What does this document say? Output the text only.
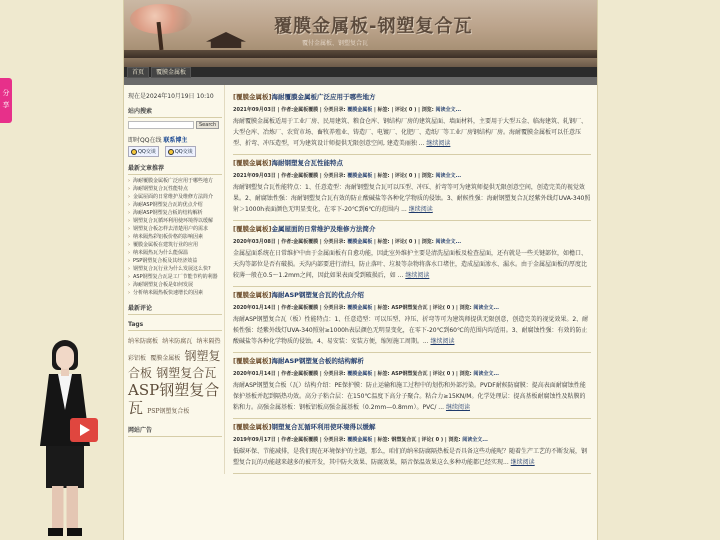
覆膜金属板-钢塑复合瓦
覆付金属板、钢塑复合瓦
首页	覆膜金属板
现在是2024年10月19日 10:10
站内搜索
Search
即时QQ在线 联系博主
QQ交谈	QQ交谈
最新文章推荐
› 海耐覆膜金属板广泛应用于哪些地方
› 海耐钢塑复合瓦性能特点
› 金属屋面的日常维护及维修方法简介
› 海耐ASP钢塑复合瓦的优点介绍
› 海耐ASP钢塑复合板的结构解析
› 钢塑复合瓦循环利用使环境得以缓解
› 钢塑复合板怎样去清楚用户的需求
› 纳米隔热彩铝板价格的影响因素
› 覆膜金属板在建筑行业的应用
› 纳米隔热瓦为什么能保温
› PSP钢塑复合板及其经济效益
› 钢塑复合瓦行业为什么发展这么快?
› ASP钢塑复合瓦是工厂节能节约的利器
› 海耐钢塑复合板是如何发展
› 分析纳米隔热板快速增长的因素
最新评论
Tags
纳米防腐板 纳米防腐瓦 纳米隔热彩铝板 覆膜金属板 钢塑复合板 钢塑复合瓦 ASP钢塑复合瓦 PSP钢塑复合板
网站广告
[覆膜金属板]海耐覆膜金属板广泛应用于哪些地方
2021年09月03日 | 作者:金属板覆膜 | 分类目录: 覆膜金属板 | 标签: | 评论( 0 ) | 浏览: 阅读全文...
海耐覆膜金属板适用于工业厂房、民用建筑、粮食仓库、钢结构厂房的建筑屋面、墙面材料，主要用于大型五金、临海建筑、轧钢厂、大型仓库、冶炼厂、农贸市场、畜牧养殖业、铸造厂、电镀厂、化肥厂、造纸厂等工业厂房钢结构厂房。海耐覆膜金属板可以任意压型、折弯、冲压造型，可为建筑设计师提供无限创意空间, 建造美丽独 ... 继续阅读
[覆膜金属板]海耐钢塑复合瓦性能特点
2021年09月03日 | 作者:金属板覆膜 | 分类目录: 覆膜金属板 | 标签: | 评论( 0 ) | 浏览: 阅读全文...
海耐钢塑复合瓦性能特点：1、任意造型：海耐钢塑复合瓦可以压型、冲压、折弯等可为建筑师提供无限创意空间，创造完美的视觉效果。2、耐腐蚀性强：海耐钢塑复合瓦有效的防止酸碱盐等各种化学物质的侵蚀。3、耐候性强：海耐钢塑复合瓦经紫外线灯UVA-340照射＞1000h表面颜色无明显变化，在零下-20℃到6℃的范围内 ... 继续阅读
[覆膜金属板]金属屋面的日常维护及维修方法简介
2020年03月08日 | 作者:金属板覆膜 | 分类目录: 覆膜金属板 | 标签: | 评论( 0 ) | 浏览: 阅读全文...
金属屋面系统在日常维护中由于金属面板有自愈功能，因此室外维护主要是清洗屋面板及检查屋面，还有就是一些关键部位，如檐口、天沟等部位是否有破损。天沟内部要进行清扫，防止落叶、垃圾等杂物将落水口堵住，造成屋面渗水、漏水。由于金属屋面板的厚度比较薄一般在0.5～1.2mm之间，因此如果表面受到破损后，如 ... 继续阅读
[覆膜金属板]海耐ASP钢塑复合瓦的优点介绍
2020年01月14日 | 作者:金属板覆膜 | 分类目录: 覆膜金属板 | 标签: ASP钢塑复合瓦 | 评论( 0 ) | 浏览: 阅读全文...
海耐ASP钢塑复合瓦（板）性能特点：1、任意造型：可以压型、冲压、折弯等可为建筑师提供无限创意，创造完美的视觉效果。2、耐候性强：经紫外线灯UVA-340照射≥1000h表层颜色无明显变化，在零下-20℃到60℃的范围内均适用。3、耐腐蚀性强：有效的防止酸碱盐等各种化学物质的侵蚀。4、易安装：安装方便，缩短施工周期。... 继续阅读
[覆膜金属板]海耐ASP钢塑复合板的结构解析
2020年01月14日 | 作者:金属板覆膜 | 分类目录: 覆膜金属板 | 标签: ASP钢塑复合瓦 | 评论( 0 ) | 浏览: 阅读全文...
海耐ASP钢塑复合板（瓦）结构介绍：PE保护膜：防止运输和施工过程中的划伤和外部污染。PVDF耐候防腐膜：提高表面耐腐蚀性能保护基板并起到隔热功效。高分子粘合层：在150℃温度下高分子聚合。粘合力≥15KN/M。化学处理层：提高基板耐腐蚀性及粘膜的粘和力。高强金属基板：钢板铝板高强金属基板（0.2mm—0.8mm）。PVC/ ... 继续阅读
[覆膜金属板]钢塑复合瓦循环利用使环境得以缓解
2019年09月17日 | 作者:金属板覆膜 | 分类目录: 覆膜金属板 | 标签: 钢塑复合瓦 | 评论( 0 ) | 浏览: 阅读全文...
低碳环保、节能减排，是我们现在环境保护的主题，那么，咱们的纳米防腐隔热板是否具备这些功能呢？随着生产工艺的不断发展，钢塑复合瓦的功能越来越多的被开发，其中防火效果、防腐效果，隔音保温效果这么多种功能都已经实现... 继续阅读
分享
